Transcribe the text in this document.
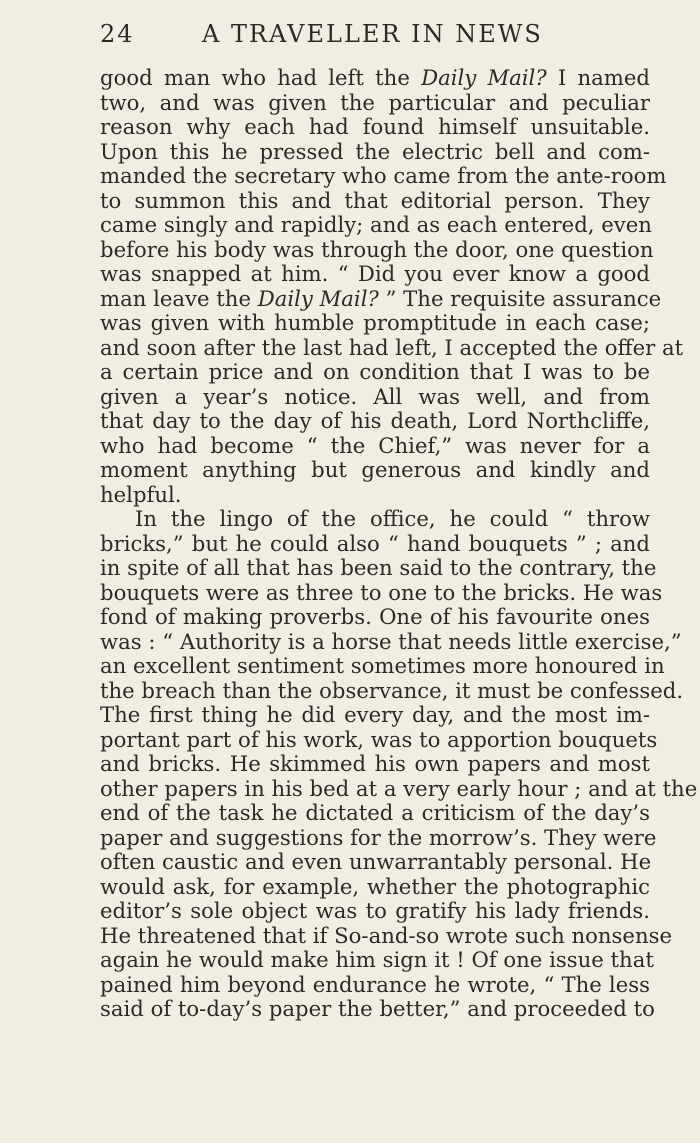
24	A TRAVELLER IN NEWS
good man who had left the Daily Mail? I named
two, and was given the particular and peculiar
reason why each had found himself unsuitable.
Upon this he pressed the electric bell and com-
manded the secretary who came from the ante-room
to summon this and that editorial person. They
came singly and rapidly; and as each entered, even
before his body was through the door, one question
was snapped at him. “ Did you ever know a good
man leave the Daily Mail? ” The requisite assurance
was given with humble promptitude in each case;
and soon after the last had left, I accepted the offer at
a certain price and on condition that I was to be
given a year’s notice. All was well, and from
that day to the day of his death, Lord Northcliffe,
who had become “ the Chief,” was never for a
moment anything but generous and kindly and
helpful.
In the lingo of the office, he could “ throw
bricks,” but he could also “ hand bouquets ” ; and
in spite of all that has been said to the contrary, the
bouquets were as three to one to the bricks. He was
fond of making proverbs. One of his favourite ones
was : “ Authority is a horse that needs little exercise,”
an excellent sentiment sometimes more honoured in
the breach than the observance, it must be confessed.
The first thing he did every day, and the most im-
portant part of his work, was to apportion bouquets
and bricks. He skimmed his own papers and most
other papers in his bed at a very early hour ; and at the
end of the task he dictated a criticism of the day’s
paper and suggestions for the morrow’s. They were
often caustic and even unwarrantably personal. He
would ask, for example, whether the photographic
editor’s sole object was to gratify his lady friends.
He threatened that if So-and-so wrote such nonsense
again he would make him sign it ! Of one issue that
pained him beyond endurance he wrote, “ The less
said of to-day’s paper the better,” and proceeded to
